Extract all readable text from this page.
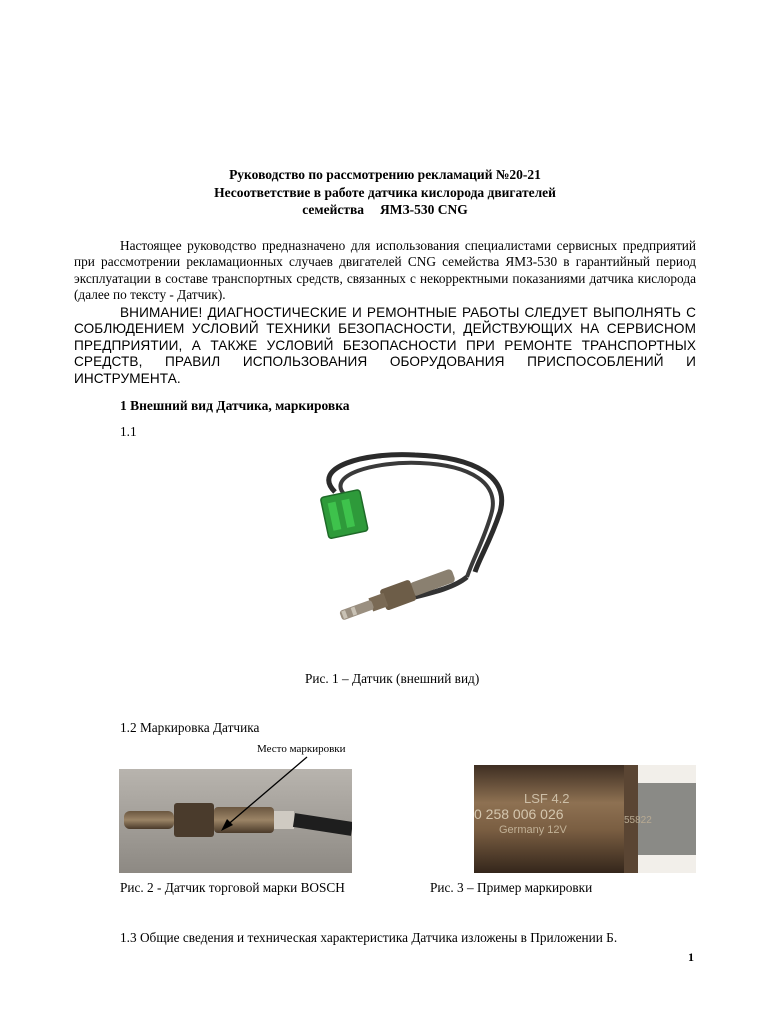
Руководство по рассмотрению рекламаций №20-21
Несоответствие в работе датчика кислорода двигателей
семейства ЯМЗ-530 CNG
Настоящее руководство предназначено для использования специалистами сервисных предприятий при рассмотрении рекламационных случаев двигателей CNG семейства ЯМЗ-530 в гарантийный период эксплуатации в составе транспортных средств, связанных с некорректными показаниями датчика кислорода (далее по тексту - Датчик).
ВНИМАНИЕ! ДИАГНОСТИЧЕСКИЕ И РЕМОНТНЫЕ РАБОТЫ СЛЕДУЕТ ВЫПОЛНЯТЬ С СОБЛЮДЕНИЕМ УСЛОВИЙ ТЕХНИКИ БЕЗОПАСНОСТИ, ДЕЙСТВУЮЩИХ НА СЕРВИСНОМ ПРЕДПРИЯТИИ, А ТАКЖЕ УСЛОВИЙ БЕЗОПАСНОСТИ ПРИ РЕМОНТЕ ТРАНСПОРТНЫХ СРЕДСТВ, ПРАВИЛ ИСПОЛЬЗОВАНИЯ ОБОРУДОВАНИЯ ПРИСПОСОБЛЕНИЙ И ИНСТРУМЕНТА.
1 Внешний вид Датчика, маркировка
1.1
Рис. 1 – Датчик (внешний вид)
1.2 Маркировка Датчика
Место маркировки
Рис. 2 - Датчик торговой марки BOSCH
LSF 4.2
0 258 006 026
Germany 12V
55822
Рис. 3 – Пример маркировки
1.3 Общие сведения и техническая характеристика Датчика изложены в Приложении Б.
1
